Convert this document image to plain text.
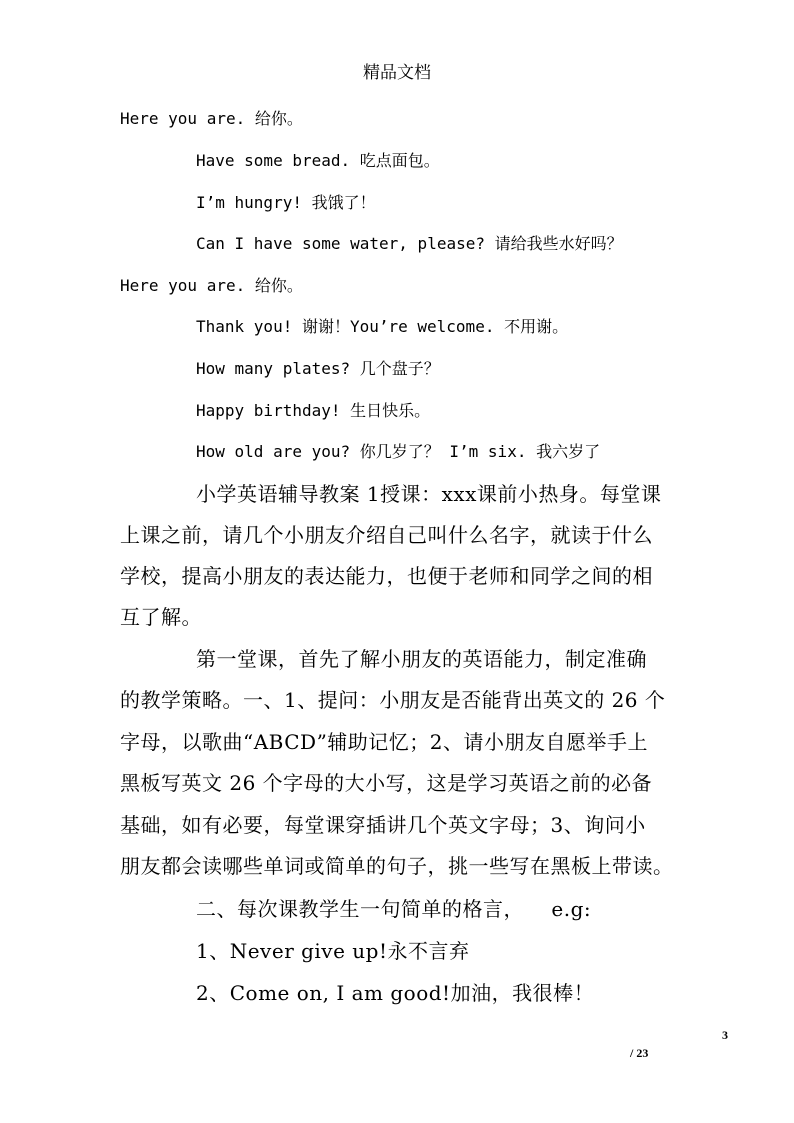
精品文档
Here you are. 给你。
Have some bread. 吃点面包。
I’m hungry! 我饿了！
Can I have some water, please? 请给我些水好吗？
Here you are. 给你。
Thank you! 谢谢！You’re welcome. 不用谢。
How many plates? 几个盘子？
Happy birthday! 生日快乐。
How old are you? 你几岁了？ I’m six. 我六岁了
小学英语辅导教案 1授课：xxx课前小热身。每堂课
上课之前，请几个小朋友介绍自己叫什么名字，就读于什么
学校，提高小朋友的表达能力，也便于老师和同学之间的相
互了解。
第一堂课，首先了解小朋友的英语能力，制定准确
的教学策略。一、1、提问：小朋友是否能背出英文的 26 个
字母，以歌曲“ABCD”辅助记忆；2、请小朋友自愿举手上
黑板写英文 26 个字母的大小写，这是学习英语之前的必备
基础，如有必要，每堂课穿插讲几个英文字母；3、询问小
朋友都会读哪些单词或简单的句子，挑一些写在黑板上带读。
二、每次课教学生一句简单的格言，    e.g:
1、Never give up!永不言弃
2、Come on, I am good!加油，我很棒！
3
/ 23
